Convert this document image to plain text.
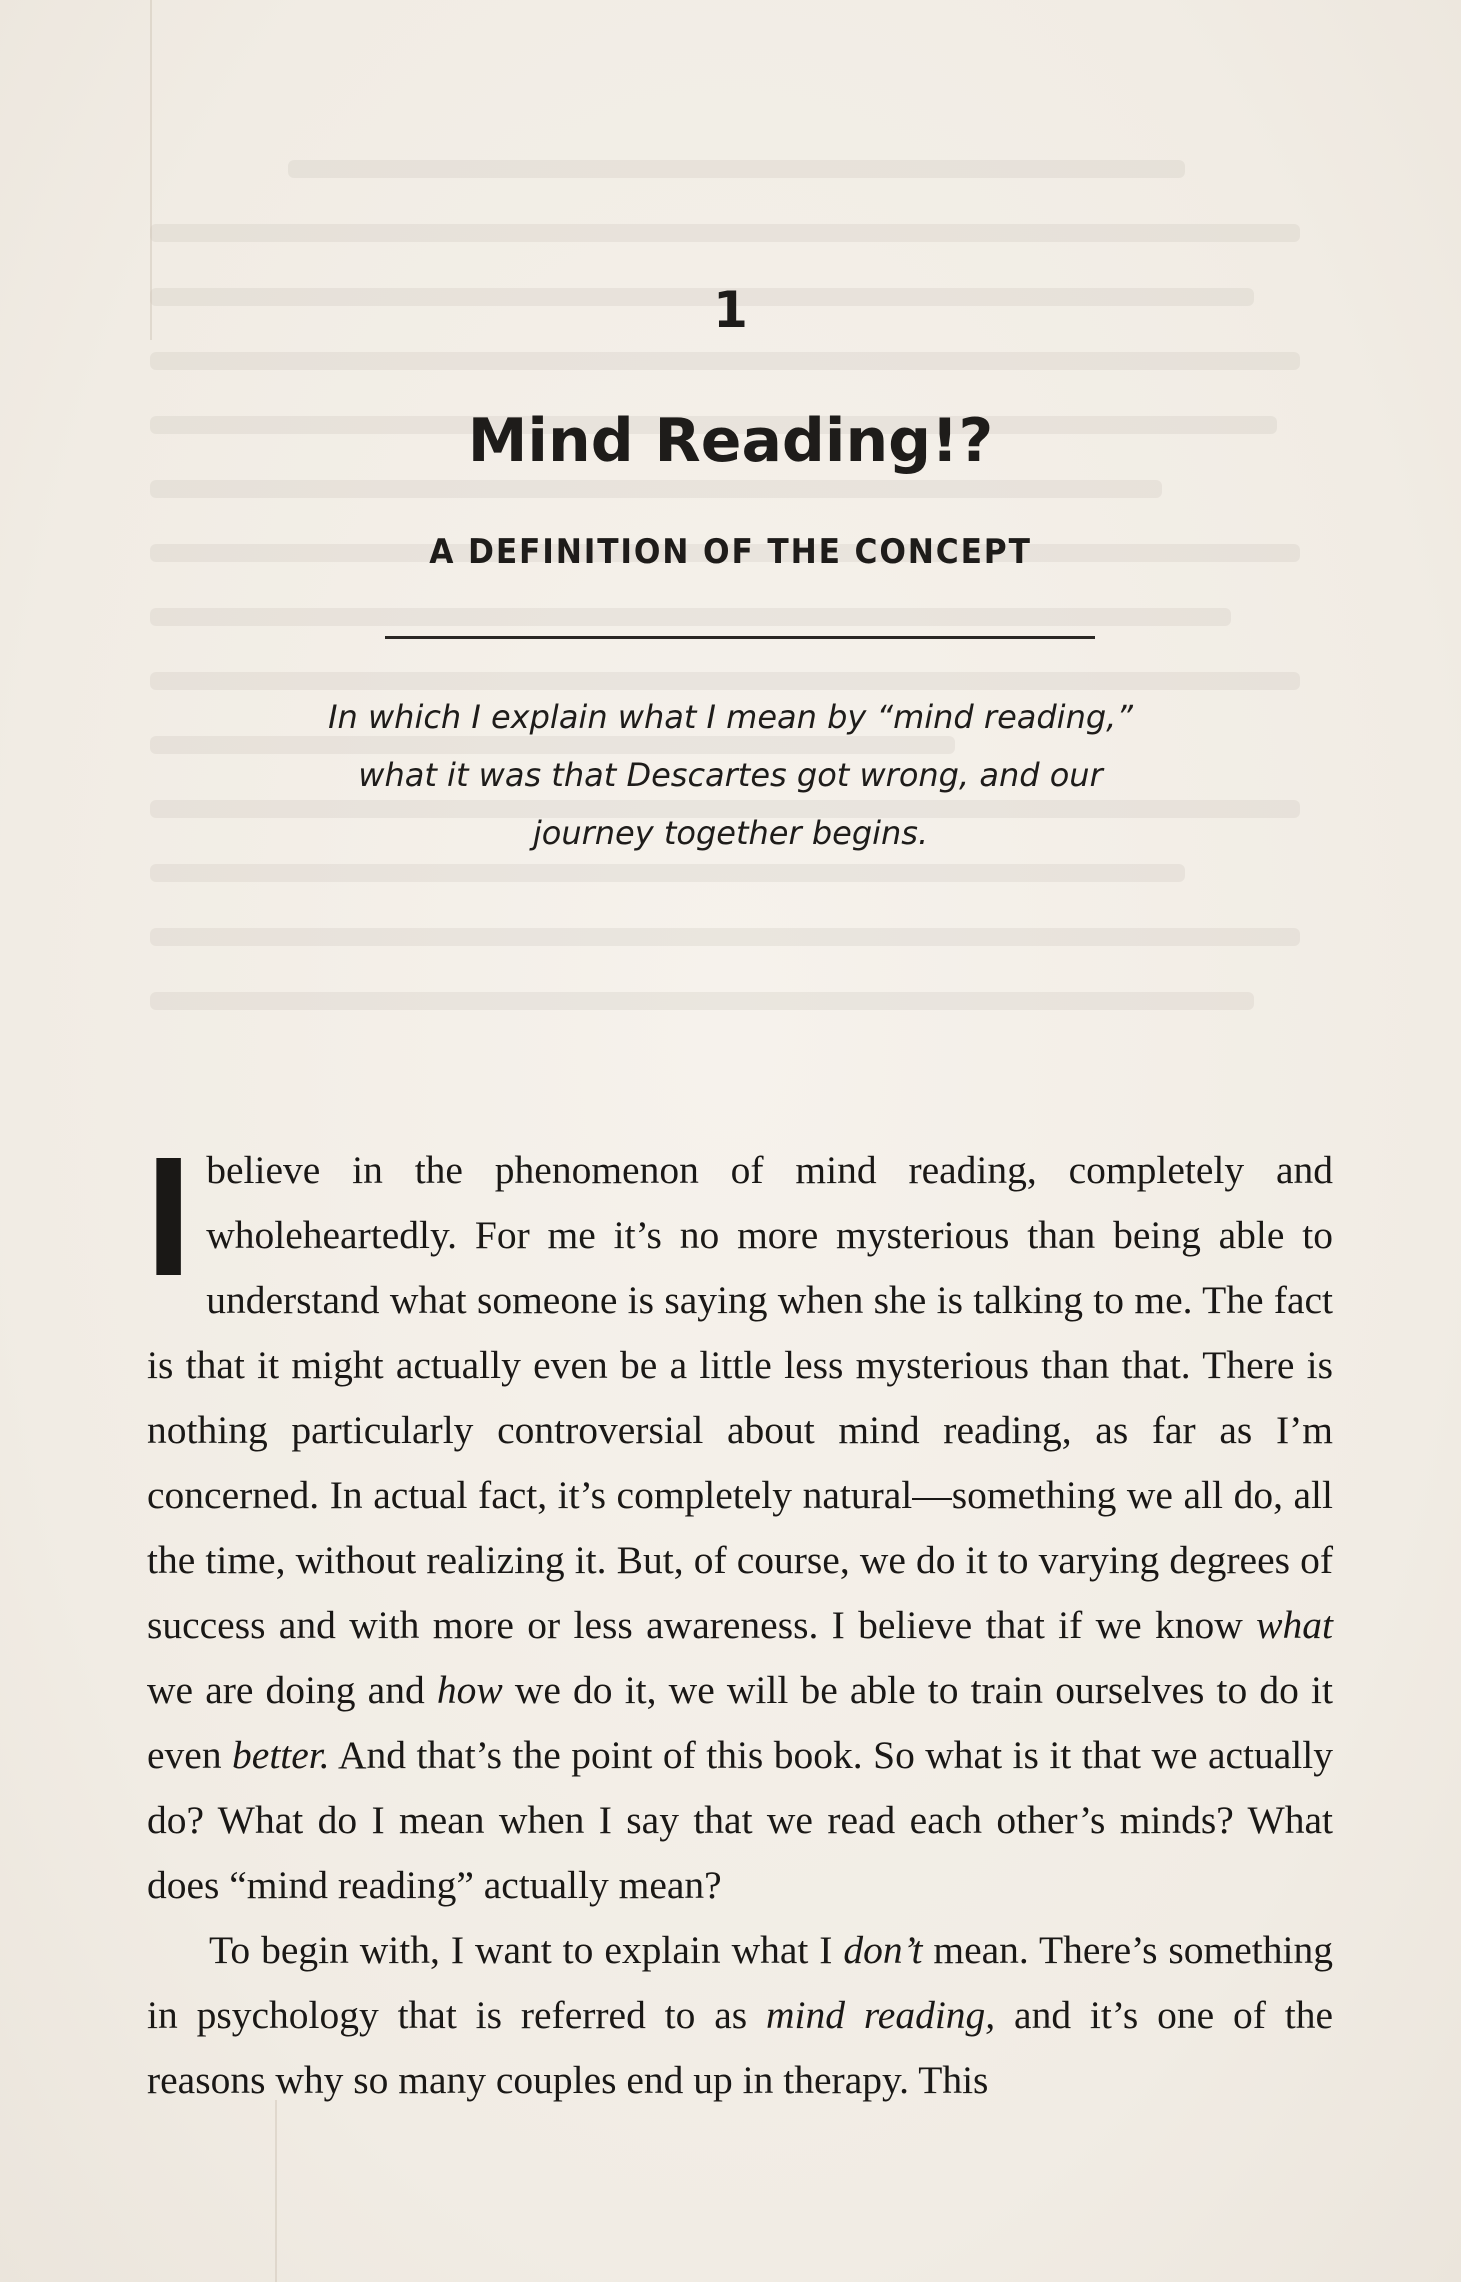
1
Mind Reading!?
A DEFINITION OF THE CONCEPT
In which I explain what I mean by “mind reading,”
what it was that Descartes got wrong, and our
journey together begins.

Ibelieve in the phenomenon of mind reading, completely and wholeheartedly. For me it’s no more mysterious than being able to understand what someone is saying when she is talking to me. The fact is that it might actually even be a little less mysterious than that. There is nothing particularly controversial about mind reading, as far as I’m concerned. In actual fact, it’s completely natural—something we all do, all the time, without realizing it. But, of course, we do it to varying degrees of success and with more or less awareness. I believe that if we know what we are doing and how we do it, we will be able to train ourselves to do it even better. And that’s the point of this book. So what is it that we actually do? What do I mean when I say that we read each other’s minds? What does “mind reading” actually mean?

To begin with, I want to explain what I don’t mean. There’s something in psychology that is referred to as mind reading, and it’s one of the reasons why so many couples end up in therapy. This
